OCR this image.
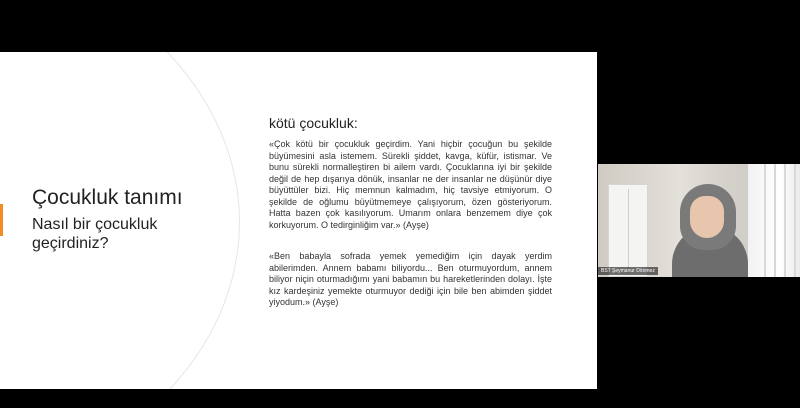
Çocukluk tanımı
Nasıl bir çocukluk geçirdiniz?
kötü çocukluk:

«Çok kötü bir çocukluk geçirdim. Yani hiçbir çocuğun bu şekilde büyümesini asla istemem. Sürekli şiddet, kavga, küfür, istismar. Ve bunu sürekli normalleştiren bi ailem vardı. Çocuklarına iyi bir şekilde değil de hep dışarıya dönük, insanlar ne der insanlar ne düşünür diye büyüttüler bizi. Hiç memnun kalmadım, hiç tavsiye etmiyorum. O şekilde de oğlumu büyütmemeye çalışıyorum, özen gösteriyorum. Hatta bazen çok kasılıyorum. Umarım onlara benzemem diye çok korkuyorum. O tedirginliğim var.» (Ayşe)

«Ben babayla sofrada yemek yemediğim için dayak yerdim abilerimden. Annem babamı biliyordu... Ben oturmuyordum, annem biliyor niçin oturmadığımı yani babamın bu hareketlerinden dolayı. İşte kız kardeşiniz yemekte oturmuyor dediği için bile ben abimden şiddet yiyodum.» (Ayşe)

BST Şeymanur Dönmez
